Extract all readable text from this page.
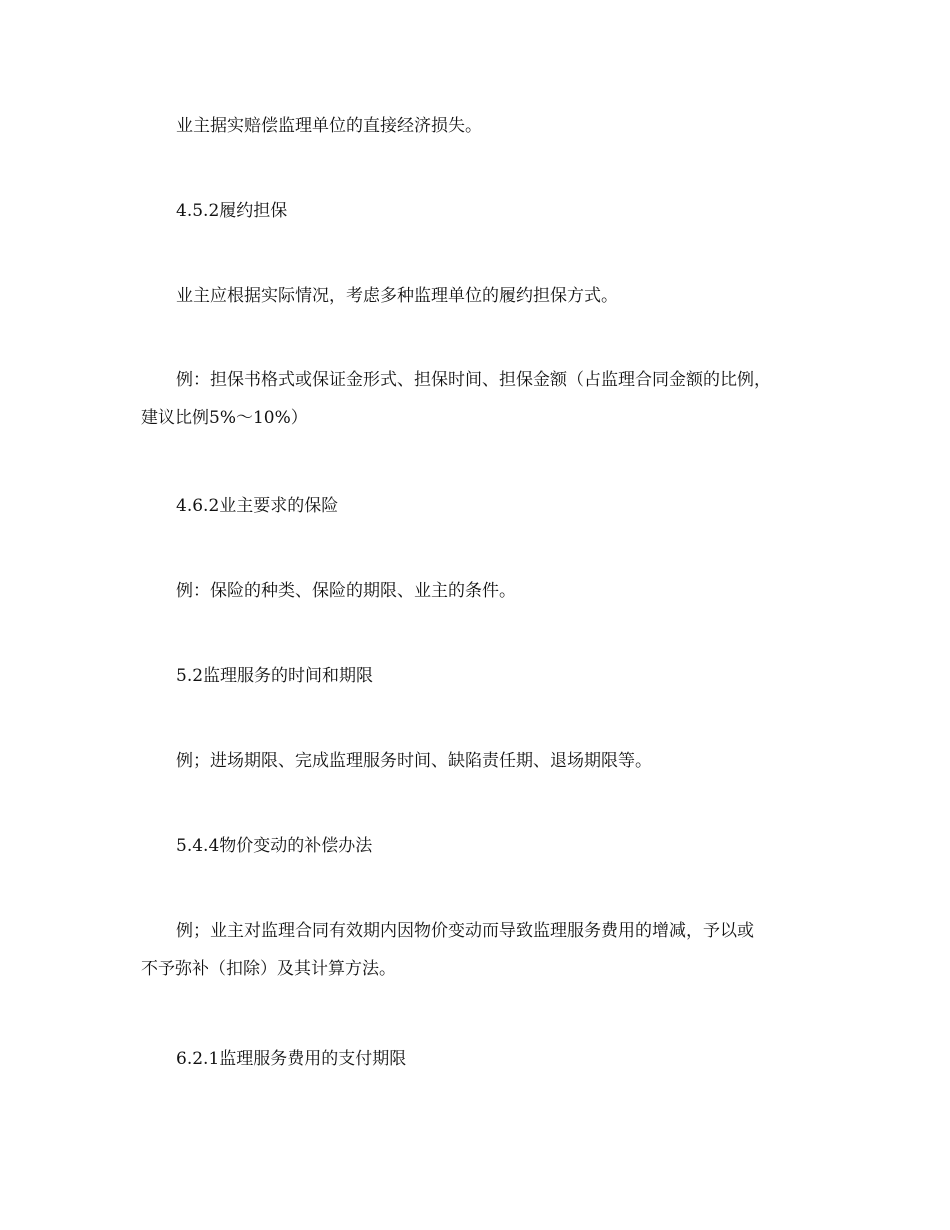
业主据实赔偿监理单位的直接经济损失。

4.5.2履约担保

业主应根据实际情况，考虑多种监理单位的履约担保方式。

例：担保书格式或保证金形式、担保时间、担保金额（占监理合同金额的比例，
建议比例5%～10%）

4.6.2业主要求的保险

例：保险的种类、保险的期限、业主的条件。

5.2监理服务的时间和期限

例；进场期限、完成监理服务时间、缺陷责任期、退场期限等。

5.4.4物价变动的补偿办法

例；业主对监理合同有效期内因物价变动而导致监理服务费用的增减，予以或
不予弥补（扣除）及其计算方法。

6.2.1监理服务费用的支付期限
